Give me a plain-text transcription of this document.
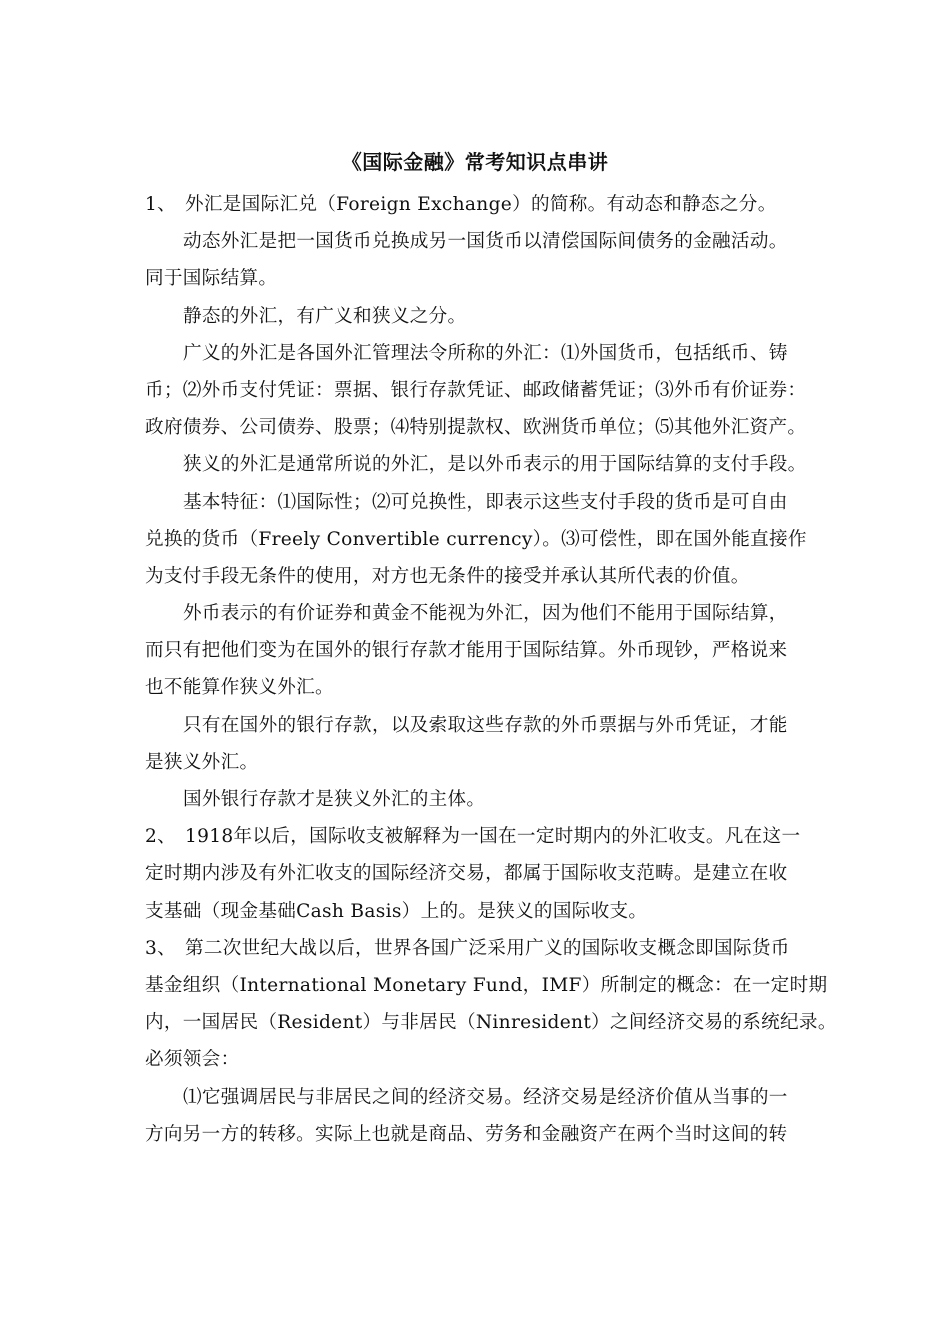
《国际金融》常考知识点串讲
1、 外汇是国际汇兑（Foreign Exchange）的简称。有动态和静态之分。
动态外汇是把一国货币兑换成另一国货币以清偿国际间债务的金融活动。
同于国际结算。
静态的外汇，有广义和狭义之分。
广义的外汇是各国外汇管理法令所称的外汇：⑴外国货币，包括纸币、铸
币；⑵外币支付凭证：票据、银行存款凭证、邮政储蓄凭证；⑶外币有价证券：
政府债券、公司债券、股票；⑷特别提款权、欧洲货币单位；⑸其他外汇资产。
狭义的外汇是通常所说的外汇，是以外币表示的用于国际结算的支付手段。
基本特征：⑴国际性；⑵可兑换性，即表示这些支付手段的货币是可自由
兑换的货币（Freely Convertible currency）。⑶可偿性，即在国外能直接作
为支付手段无条件的使用，对方也无条件的接受并承认其所代表的价值。
外币表示的有价证券和黄金不能视为外汇，因为他们不能用于国际结算，
而只有把他们变为在国外的银行存款才能用于国际结算。外币现钞，严格说来
也不能算作狭义外汇。
只有在国外的银行存款，以及索取这些存款的外币票据与外币凭证，才能
是狭义外汇。
国外银行存款才是狭义外汇的主体。
2、 1918年以后，国际收支被解释为一国在一定时期内的外汇收支。凡在这一
定时期内涉及有外汇收支的国际经济交易，都属于国际收支范畴。是建立在收
支基础（现金基础Cash Basis）上的。是狭义的国际收支。
3、 第二次世纪大战以后，世界各国广泛采用广义的国际收支概念即国际货币
基金组织（International Monetary Fund，IMF）所制定的概念：在一定时期
内，一国居民（Resident）与非居民（Ninresident）之间经济交易的系统纪录。
必须领会：
⑴它强调居民与非居民之间的经济交易。经济交易是经济价值从当事的一
方向另一方的转移。实际上也就是商品、劳务和金融资产在两个当时这间的转
